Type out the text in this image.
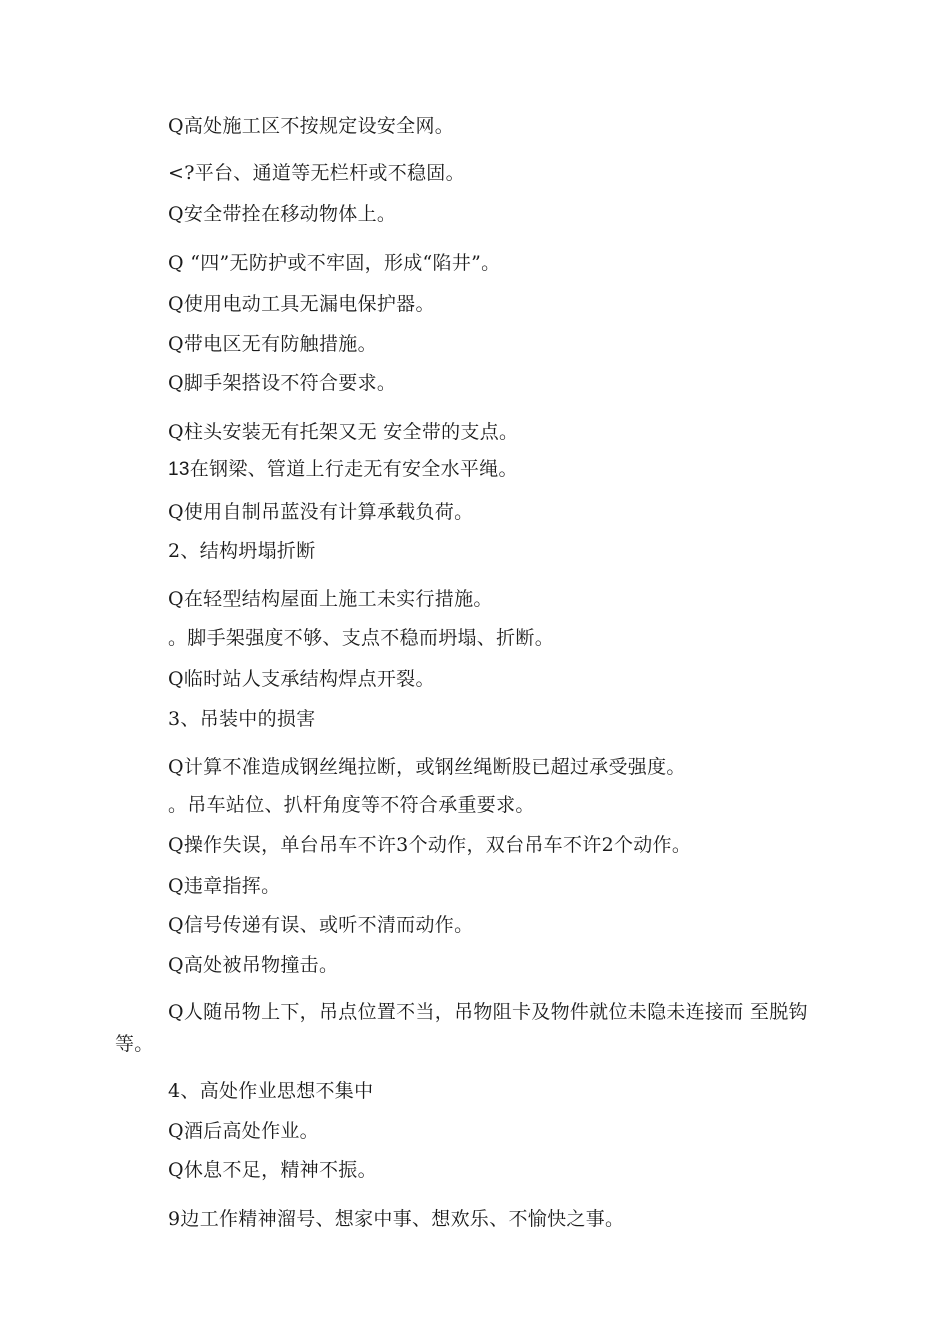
Q高处施工区不按规定设安全网。
<?平台、通道等无栏杆或不稳固。
Q安全带拴在移动物体上。
Q “四”无防护或不牢固，形成“陷井”。
Q使用电动工具无漏电保护器。
Q带电区无有防触措施。
Q脚手架搭设不符合要求。
Q柱头安装无有托架又无 安全带的支点。
13在钢梁、管道上行走无有安全水平绳。
Q使用自制吊蓝没有计算承载负荷。
2、结构坍塌折断
Q在轻型结构屋面上施工未实行措施。
。脚手架强度不够、支点不稳而坍塌、折断。
Q临时站人支承结构焊点开裂。
3、吊装中的损害
Q计算不准造成钢丝绳拉断，或钢丝绳断股已超过承受强度。
。吊车站位、扒杆角度等不符合承重要求。
Q操作失误，单台吊车不许3个动作，双台吊车不许2个动作。
Q违章指挥。
Q信号传递有误、或听不清而动作。
Q高处被吊物撞击。
Q人随吊物上下，吊点位置不当，吊物阻卡及物件就位未隐未连接而 至脱钩等。
4、高处作业思想不集中
Q酒后高处作业。
Q休息不足，精神不振。
9边工作精神溜号、想家中事、想欢乐、不愉快之事。
